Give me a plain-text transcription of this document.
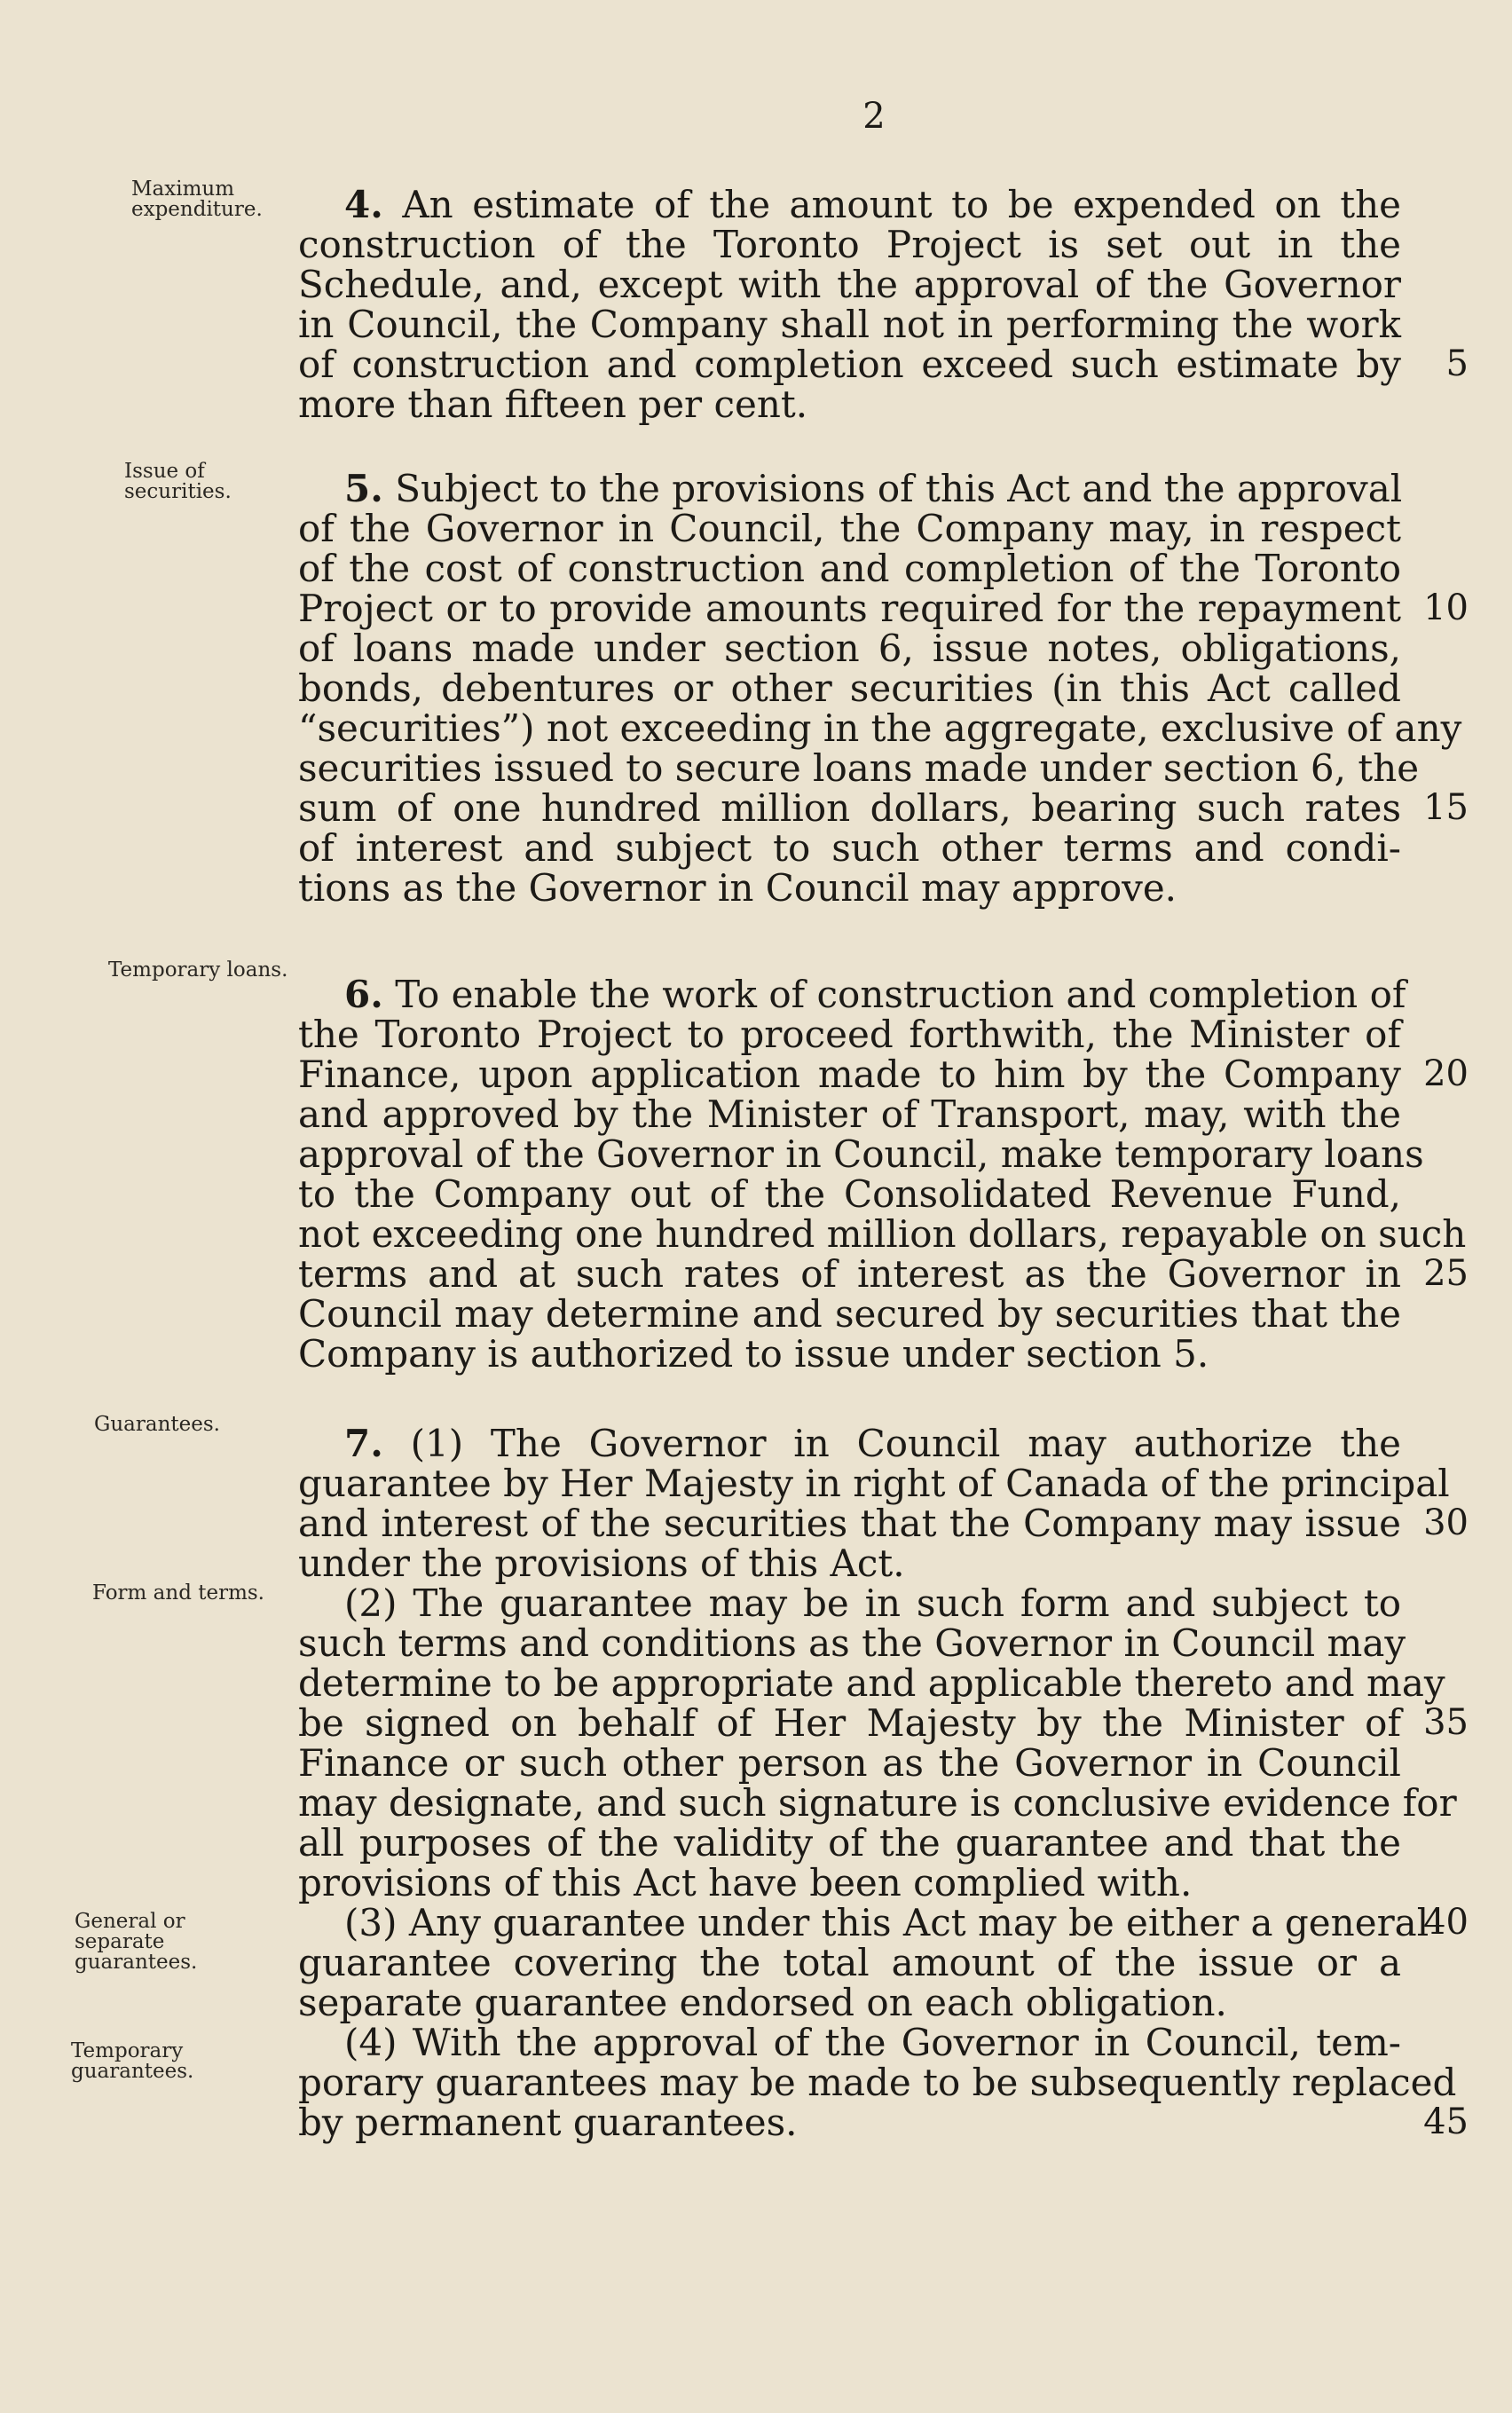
2
Maximum expenditure.
Issue of securities.
Temporary loans.
Guarantees.
Form and terms.
General or separate guarantees.
Temporary guarantees.
4. An estimate of the amount to be expended on the
construction of the Toronto Project is set out in the
Schedule, and, except with the approval of the Governor
in Council, the Company shall not in performing the work
of construction and completion exceed such estimate by	5
more than fifteen per cent.
5. Subject to the provisions of this Act and the approval
of the Governor in Council, the Company may, in respect
of the cost of construction and completion of the Toronto
Project or to provide amounts required for the repayment 10
of loans made under section 6, issue notes, obligations,
bonds, debentures or other securities (in this Act called
“securities”) not exceeding in the aggregate, exclusive of any
securities issued to secure loans made under section 6, the
sum of one hundred million dollars, bearing such rates 15
of interest and subject to such other terms and condi-
tions as the Governor in Council may approve.
6. To enable the work of construction and completion of
the Toronto Project to proceed forthwith, the Minister of
Finance, upon application made to him by the Company 20
and approved by the Minister of Transport, may, with the
approval of the Governor in Council, make temporary loans
to the Company out of the Consolidated Revenue Fund,
not exceeding one hundred million dollars, repayable on such
terms and at such rates of interest as the Governor in 25
Council may determine and secured by securities that the
Company is authorized to issue under section 5.
7. (1) The Governor in Council may authorize the
guarantee by Her Majesty in right of Canada of the principal
and interest of the securities that the Company may issue 30
under the provisions of this Act.
(2) The guarantee may be in such form and subject to
such terms and conditions as the Governor in Council may
determine to be appropriate and applicable thereto and may
be signed on behalf of Her Majesty by the Minister of 35
Finance or such other person as the Governor in Council
may designate, and such signature is conclusive evidence for
all purposes of the validity of the guarantee and that the
provisions of this Act have been complied with.
(3) Any guarantee under this Act may be either a general
40
guarantee covering the total amount of the issue or a
separate guarantee endorsed on each obligation.
(4) With the approval of the Governor in Council, tem-
porary guarantees may be made to be subsequently replaced
by permanent guarantees.	45
